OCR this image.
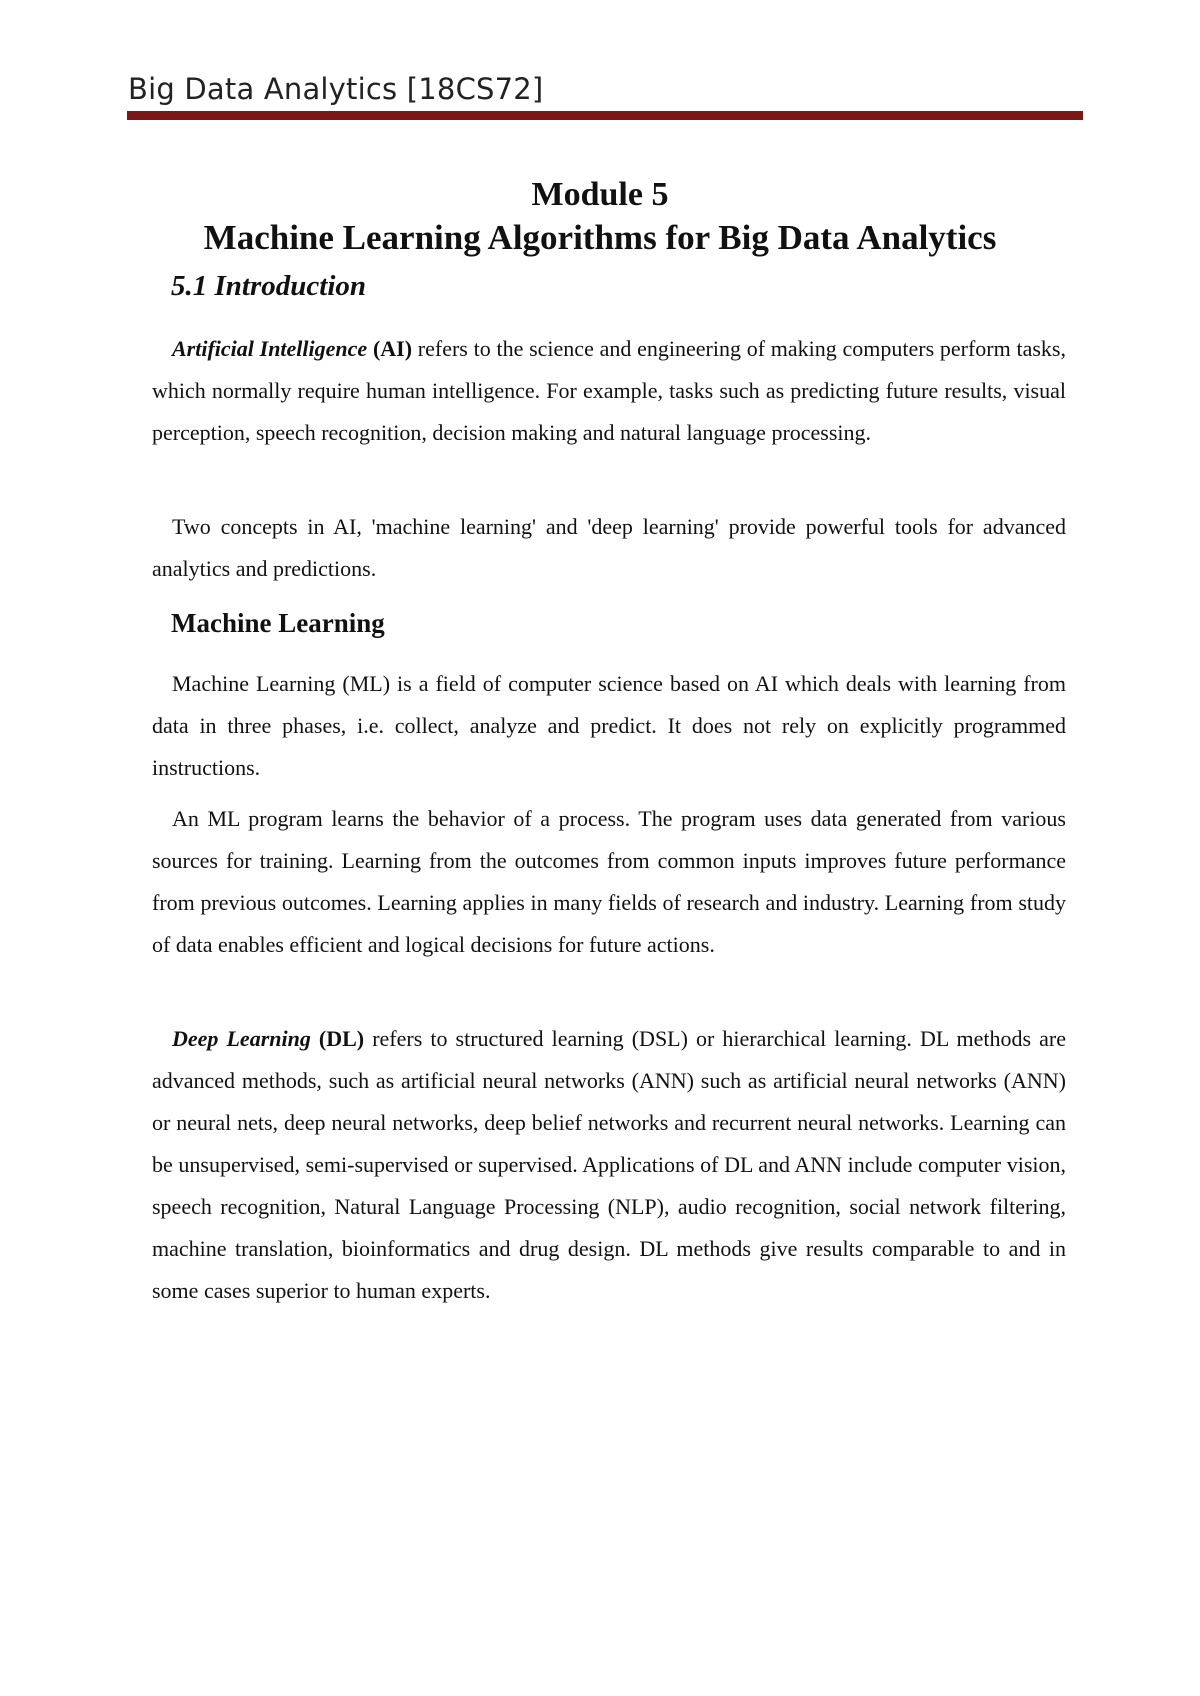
Big Data Analytics [18CS72]
Module 5
Machine Learning Algorithms for Big Data Analytics
5.1 Introduction

Artificial Intelligence (AI) refers to the science and engineering of making computers perform tasks, which normally require human intelligence. For example, tasks such as predicting future results, visual perception, speech recognition, decision making and natural language processing.

Two concepts in AI, 'machine learning' and 'deep learning' provide powerful tools for advanced analytics and predictions.

Machine Learning

Machine Learning (ML) is a field of computer science based on AI which deals with learning from data in three phases, i.e. collect, analyze and predict. It does not rely on explicitly programmed instructions.

An ML program learns the behavior of a process. The program uses data generated from various sources for training. Learning from the outcomes from common inputs improves future performance from previous outcomes. Learning applies in many fields of research and industry. Learning from study of data enables efficient and logical decisions for future actions.

Deep Learning (DL) refers to structured learning (DSL) or hierarchical learning. DL methods are advanced methods, such as artificial neural networks (ANN) such as artificial neural networks (ANN) or neural nets, deep neural networks, deep belief networks and recurrent neural networks. Learning can be unsupervised, semi-supervised or supervised. Applications of DL and ANN include computer vision, speech recognition, Natural Language Processing (NLP), audio recognition, social network filtering, machine translation, bioinformatics and drug design. DL methods give results comparable to and in some cases superior to human experts.
